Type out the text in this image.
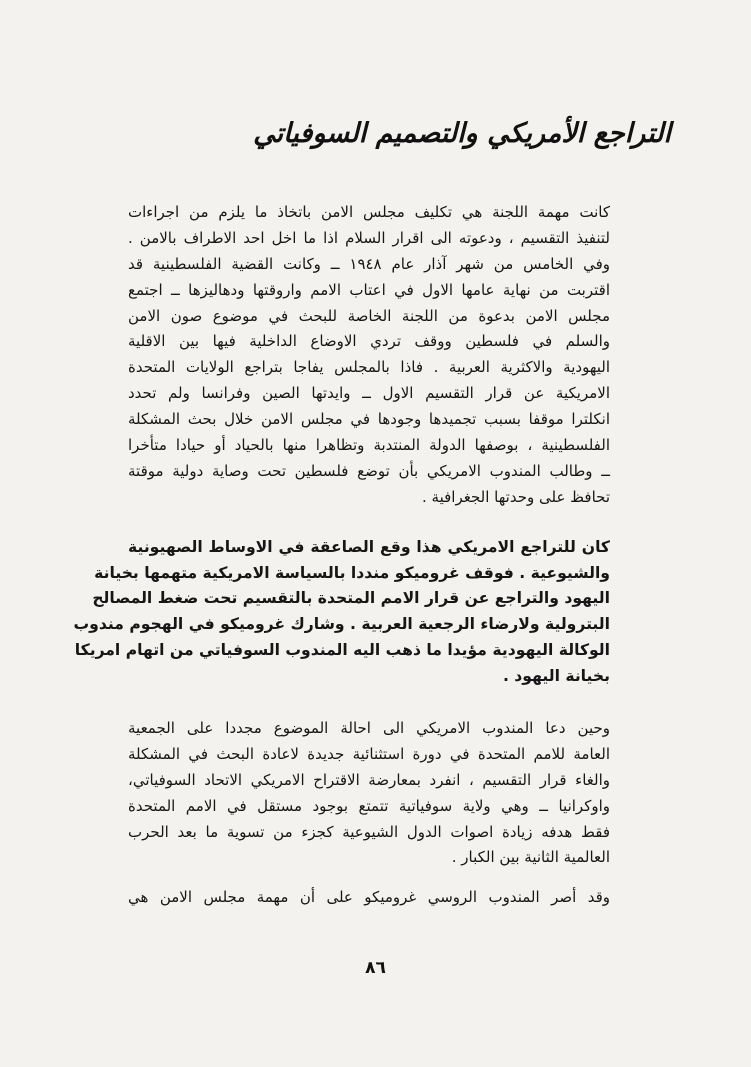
التراجع الأمريكي والتصميم السوفياتي
كانت مهمة اللجنة هي تكليف مجلس الامن باتخاذ ما يلزم من اجراءات
لتنفيذ التقسيم ، ودعوته الى اقرار السلام اذا ما اخل احد الاطراف بالامن .
وفي الخامس من شهر آذار عام ١٩٤٨ ــ وكانت القضية الفلسطينية قد
اقتربت من نهاية عامها الاول في اعتاب الامم واروقتها ودهاليزها ــ اجتمع
مجلس الامن بدعوة من اللجنة الخاصة للبحث في موضوع صون الامن
والسلم في فلسطين ووقف تردي الاوضاع الداخلية فيها بين الاقلية
اليهودية والاكثرية العربية . فاذا بالمجلس يفاجا بتراجع الولايات المتحدة
الامريكية عن قرار التقسيم الاول ــ وايدتها الصين وفرانسا ولم تحدد
انكلترا موقفا بسبب تجميدها وجودها في مجلس الامن خلال بحث المشكلة
الفلسطينية ، بوصفها الدولة المنتدبة وتظاهرا منها بالحياد أو حيادا متأخرا
ــ وطالب المندوب الامريكي بأن توضع فلسطين تحت وصاية دولية موقتة
تحافظ على وحدتها الجغرافية .
كان للتراجع الامريكي هذا وقع الصاعقة في الاوساط الصهيونية
والشيوعية . فوقف غروميكو منددا بالسياسة الامريكية متهمها بخيانة
اليهود والتراجع عن قرار الامم المتحدة بالتقسيم تحت ضغط المصالح
البترولية ولارضاء الرجعية العربية . وشارك غروميكو في الهجوم مندوب
الوكالة اليهودية مؤيدا ما ذهب اليه المندوب السوفياتي من اتهام امريكا
بخيانة اليهود .
وحين دعا المندوب الامريكي الى احالة الموضوع مجددا على الجمعية
العامة للامم المتحدة في دورة استثنائية جديدة لاعادة البحث في المشكلة
والغاء قرار التقسيم ، انفرد بمعارضة الاقتراح الامريكي الاتحاد السوفياتي،
واوكرانيا ــ وهي ولاية سوفياتية تتمتع بوجود مستقل في الامم المتحدة
فقط هدفه زيادة اصوات الدول الشيوعية كجزء من تسوية ما بعد الحرب
العالمية الثانية بين الكبار .
وقد أصر المندوب الروسي غروميكو على أن مهمة مجلس الامن هي
٨٦
